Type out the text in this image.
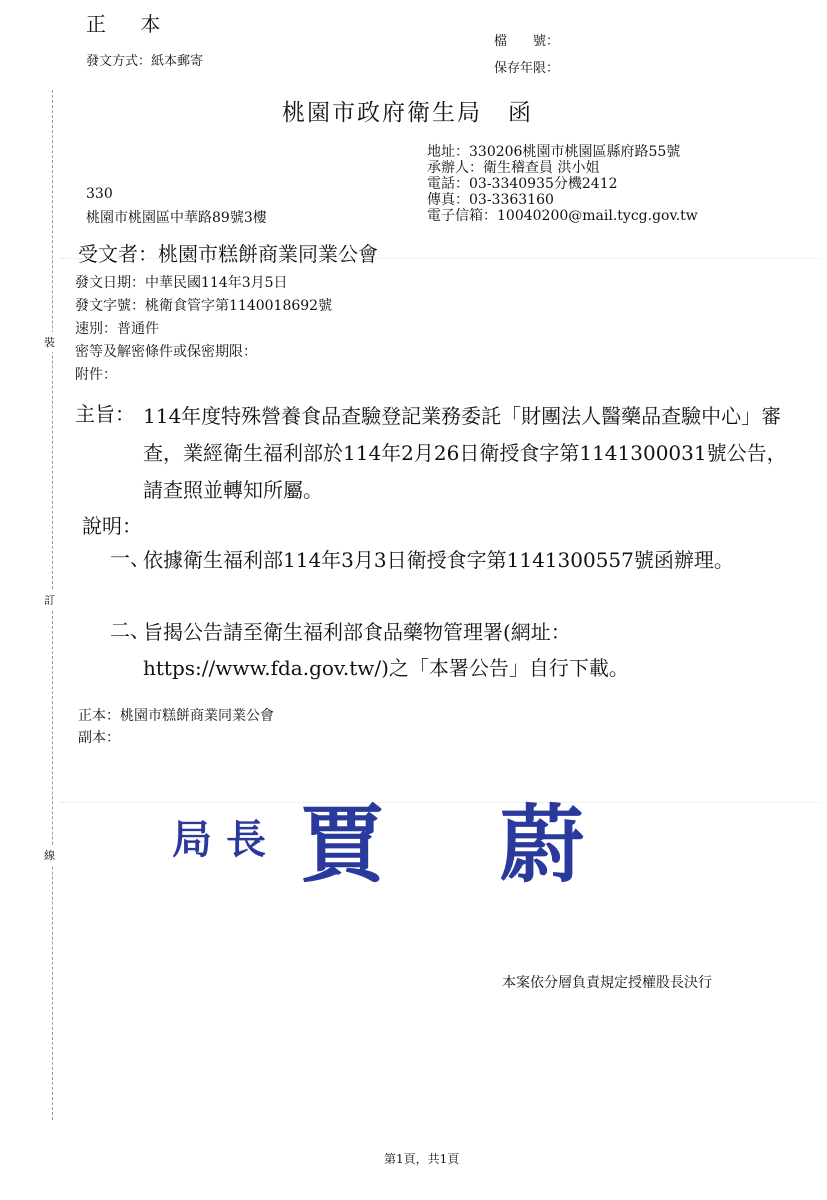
正 本
發文方式：紙本郵寄
檔　　號：
保存年限：
桃園市政府衛生局 函
地址：330206桃園市桃園區縣府路55號
承辦人：衛生稽查員 洪小姐
電話：03-3340935分機2412
傳真：03-3363160
電子信箱：10040200@mail.tycg.gov.tw
330
桃園市桃園區中華路89號3樓
受文者：桃園市糕餅商業同業公會
發文日期：中華民國114年3月5日
發文字號：桃衛食管字第1140018692號
速別：普通件
密等及解密條件或保密期限：
附件：
裝
訂
線
主旨： 114年度特殊營養食品查驗登記業務委託「財團法人醫藥品查驗中心」審查，業經衛生福利部於114年2月26日衛授食字第1141300031號公告，請查照並轉知所屬。
說明：
一、
依據衛生福利部114年3月3日衛授食字第1141300557號函辦理。
二、
旨揭公告請至衛生福利部食品藥物管理署(網址：https://www.fda.gov.tw/)之「本署公告」自行下載。
正本：桃園市糕餅商業同業公會
副本：
局長 賈 蔚
本案依分層負責規定授權股長決行
第1頁，共1頁
